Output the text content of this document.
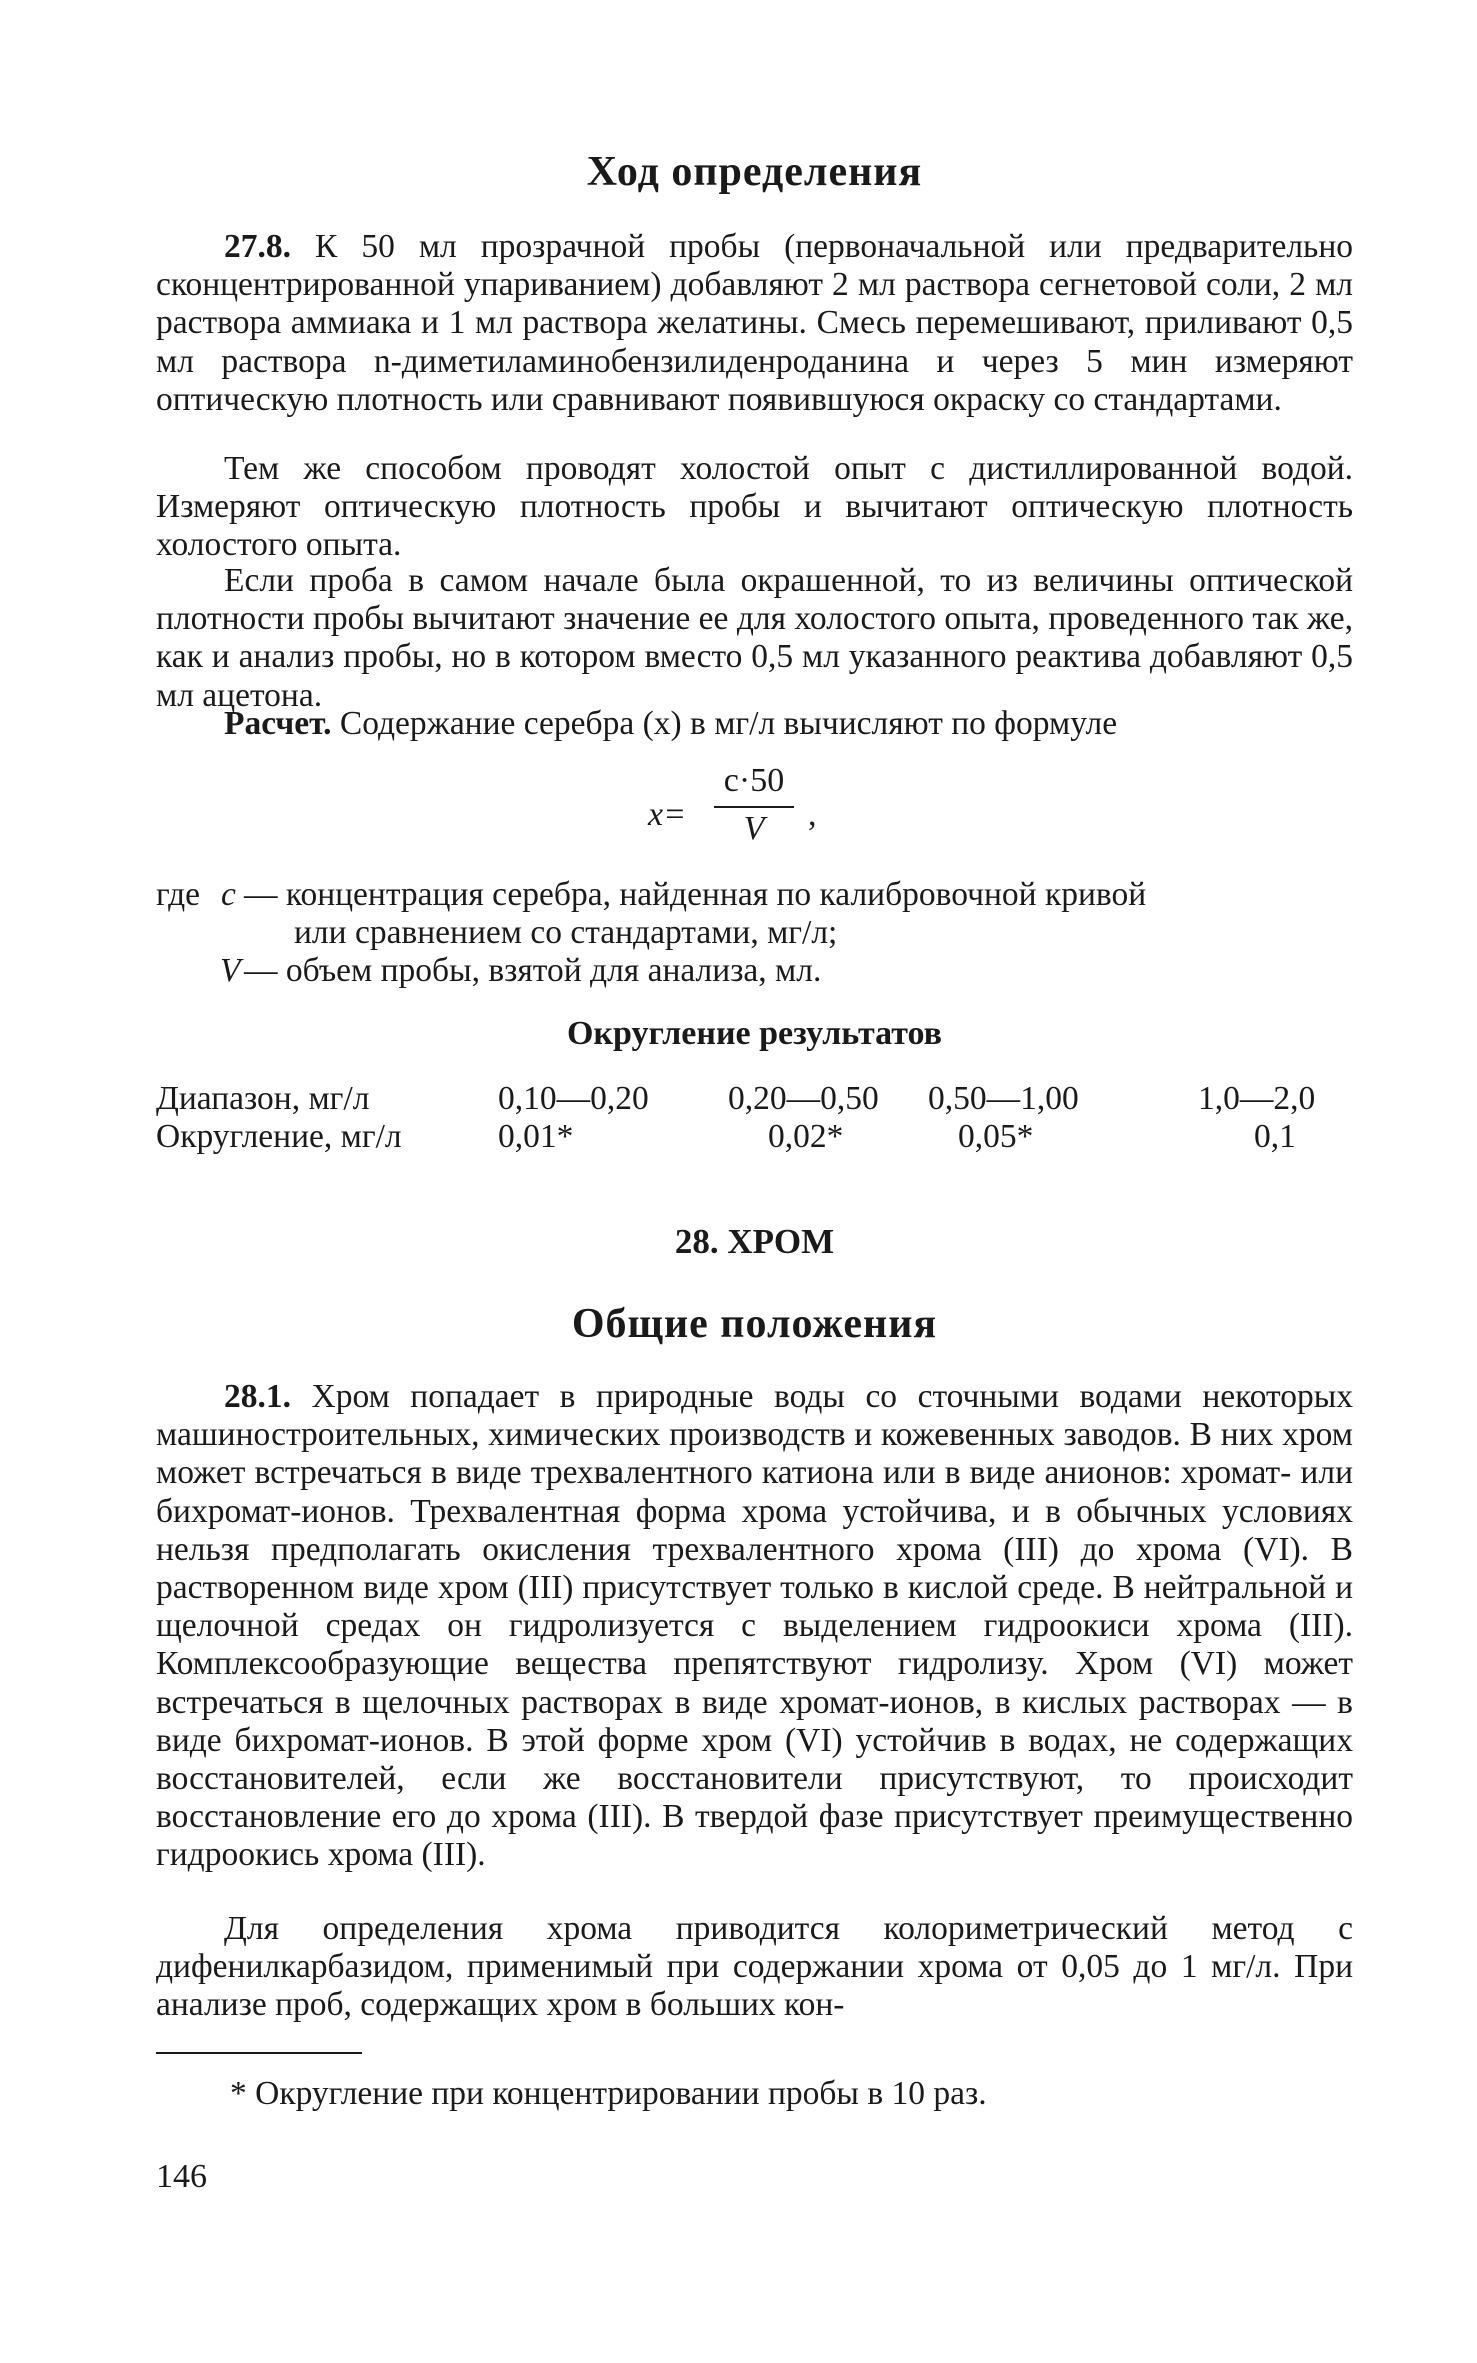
Ход определения

27.8. К 50 мл прозрачной пробы (первоначальной или предварительно сконцентрированной упариванием) добавляют 2 мл раствора сегнетовой соли, 2 мл раствора аммиака и 1 мл раствора желатины. Смесь перемешивают, приливают 0,5 мл раствора n-диметиламинобензилиденроданина и через 5 мин измеряют оптическую плотность или сравнивают появившуюся окраску со стандартами.

Тем же способом проводят холостой опыт с дистиллированной водой. Измеряют оптическую плотность пробы и вычитают оптическую плотность холостого опыта.

Если проба в самом начале была окрашенной, то из величины оптической плотности пробы вычитают значение ее для холостого опыта, проведенного так же, как и анализ пробы, но в котором вместо 0,5 мл указанного реактива добавляют 0,5 мл ацетона.

Расчет. Содержание серебра (x) в мг/л вычисляют по формуле

x=
c·50
V	,
где c — концентрация серебра, найденная по калибровочной кривой
или сравнением со стандартами, мг/л;
V — объем пробы, взятой для анализа, мл.
Округление результатов
Диапазон, мг/л	0,10—0,20	0,20—0,50	0,50—1,00	1,0—2,0
Округление, мг/л	0,01*	0,02*	0,05*	0,1
28. ХРОМ
Общие положения

28.1. Хром попадает в природные воды со сточными водами некоторых машиностроительных, химических производств и кожевенных заводов. В них хром может встречаться в виде трехвалентного катиона или в виде анионов: хромат- или бихромат-ионов. Трехвалентная форма хрома устойчива, и в обычных условиях нельзя предполагать окисления трехвалентного хрома (III) до хрома (VI). В растворенном виде хром (III) присутствует только в кислой среде. В нейтральной и щелочной средах он гидролизуется с выделением гидроокиси хрома (III). Комплексообразующие вещества препятствуют гидролизу. Хром (VI) может встречаться в щелочных растворах в виде хромат-ионов, в кислых растворах — в виде бихромат-ионов. В этой форме хром (VI) устойчив в водах, не содержащих восстановителей, если же восстановители присутствуют, то происходит восстановление его до хрома (III). В твердой фазе присутствует преимущественно гидроокись хрома (III).

Для определения хрома приводится колориметрический метод с дифенилкарбазидом, применимый при содержании хрома от 0,05 до 1 мг/л. При анализе проб, содержащих хром в больших кон-

* Округление при концентрировании пробы в 10 раз.
146
